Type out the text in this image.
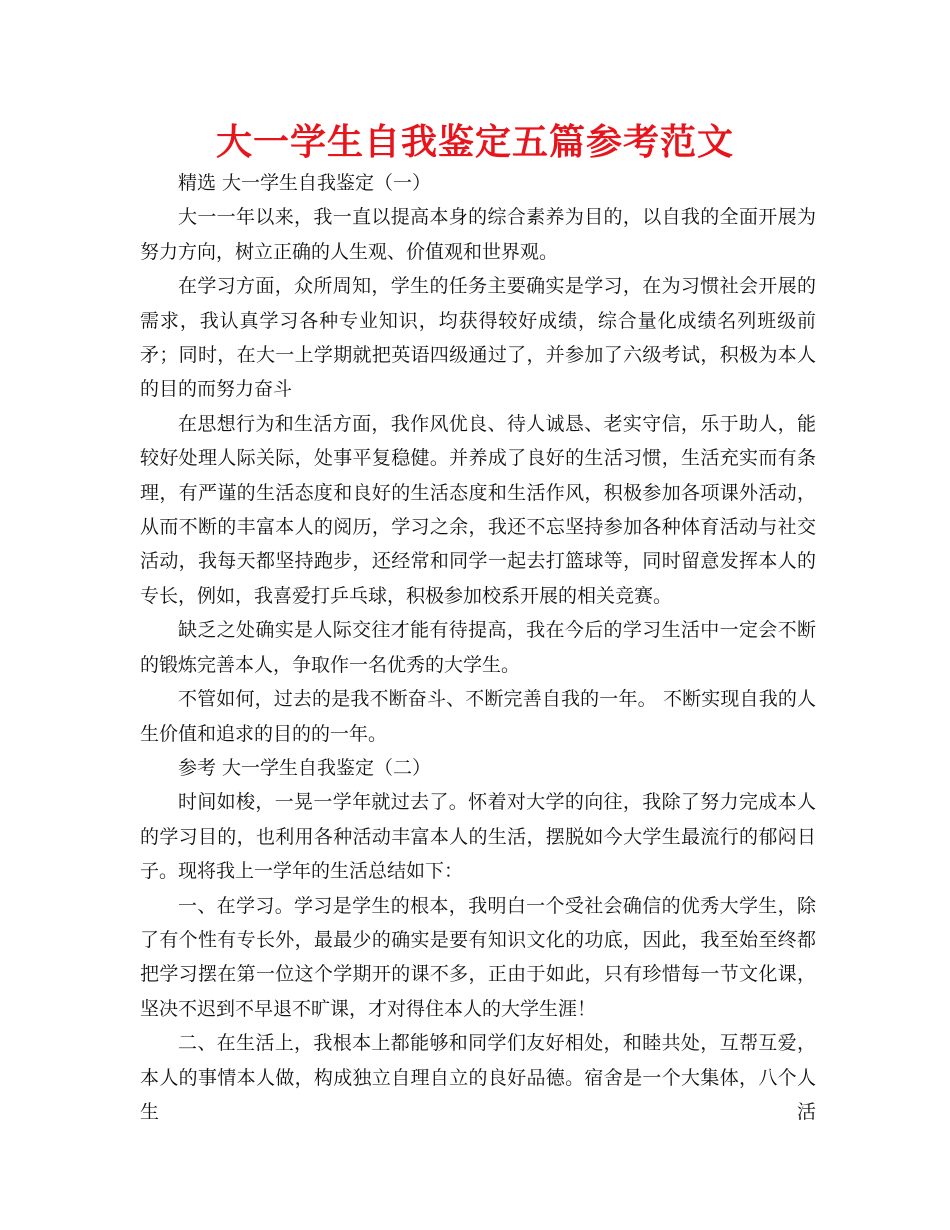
大一学生自我鉴定五篇参考范文

精选 大一学生自我鉴定（一）

大一一年以来，我一直以提高本身的综合素养为目的，以自我的全面开展为努力方向，树立正确的人生观、价值观和世界观。

在学习方面，众所周知，学生的任务主要确实是学习，在为习惯社会开展的需求，我认真学习各种专业知识，均获得较好成绩，综合量化成绩名列班级前矛；同时，在大一上学期就把英语四级通过了，并参加了六级考试，积极为本人的目的而努力奋斗

在思想行为和生活方面，我作风优良、待人诚恳、老实守信，乐于助人，能较好处理人际关际，处事平复稳健。并养成了良好的生活习惯，生活充实而有条理，有严谨的生活态度和良好的生活态度和生活作风，积极参加各项课外活动，从而不断的丰富本人的阅历，学习之余，我还不忘坚持参加各种体育活动与社交活动，我每天都坚持跑步，还经常和同学一起去打篮球等，同时留意发挥本人的专长，例如，我喜爱打乒乓球，积极参加校系开展的相关竞赛。

缺乏之处确实是人际交往才能有待提高，我在今后的学习生活中一定会不断的锻炼完善本人，争取作一名优秀的大学生。

不管如何，过去的是我不断奋斗、不断完善自我的一年。 不断实现自我的人生价值和追求的目的的一年。

参考 大一学生自我鉴定（二）

时间如梭，一晃一学年就过去了。怀着对大学的向往，我除了努力完成本人的学习目的，也利用各种活动丰富本人的生活，摆脱如今大学生最流行的郁闷日子。现将我上一学年的生活总结如下：

一、在学习。学习是学生的根本，我明白一个受社会确信的优秀大学生，除了有个性有专长外，最最少的确实是要有知识文化的功底，因此，我至始至终都把学习摆在第一位这个学期开的课不多，正由于如此，只有珍惜每一节文化课，坚决不迟到不早退不旷课，才对得住本人的大学生涯！

二、在生活上，我根本上都能够和同学们友好相处，和睦共处，互帮互爱，本人的事情本人做，构成独立自理自立的良好品德。宿舍是一个大集体，八个人生活
